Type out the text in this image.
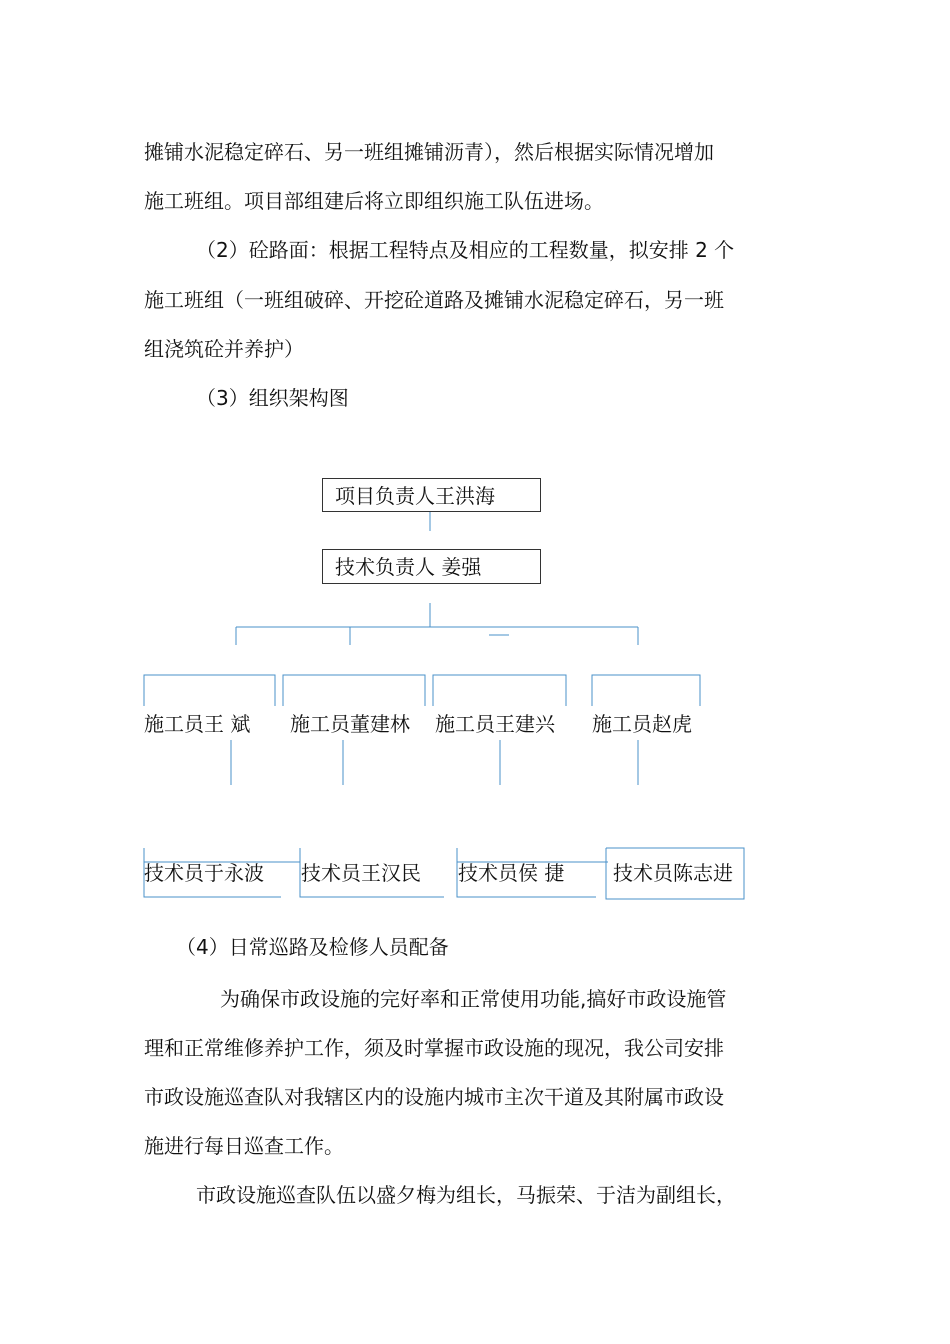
摊铺水泥稳定碎石、另一班组摊铺沥青），然后根据实际情况增加
施工班组。项目部组建后将立即组织施工队伍进场。
（2）砼路面：根据工程特点及相应的工程数量，拟安排 2 个
施工班组（一班组破碎、开挖砼道路及摊铺水泥稳定碎石，另一班
组浇筑砼并养护）
（3）组织架构图
项目负责人王洪海
技术负责人 姜强
施工员王 斌 施工员董建林 施工员王建兴 施工员赵虎
技术员于永波 技术员王汉民 技术员侯 捷 技术员陈志进
（4）日常巡路及检修人员配备
为确保市政设施的完好率和正常使用功能,搞好市政设施管
理和正常维修养护工作，须及时掌握市政设施的现况，我公司安排
市政设施巡查队对我辖区内的设施内城市主次干道及其附属市政设
施进行每日巡查工作。
市政设施巡查队伍以盛夕梅为组长，马振荣、于洁为副组长，
